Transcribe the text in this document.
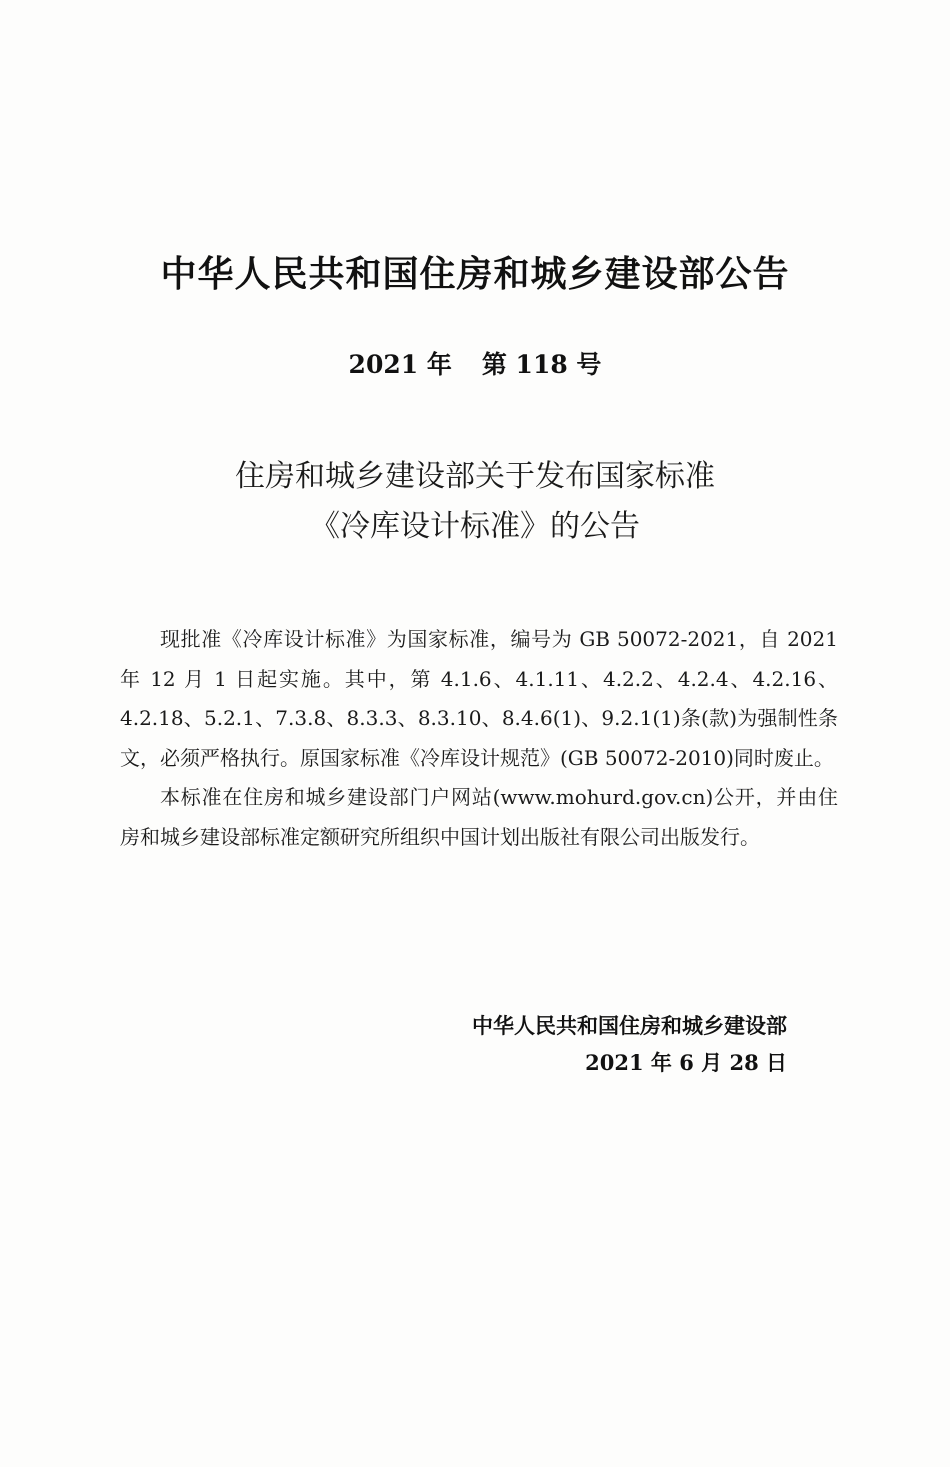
中华人民共和国住房和城乡建设部公告
2021 年 第 118 号
住房和城乡建设部关于发布国家标准
《冷库设计标准》的公告

现批准《冷库设计标准》为国家标准，编号为 GB 50072-2021，自 2021 年 12 月 1 日起实施。其中，第 4.1.6、4.1.11、4.2.2、4.2.4、4.2.16、4.2.18、5.2.1、7.3.8、8.3.3、8.3.10、8.4.6(1)、9.2.1(1)条(款)为强制性条文，必须严格执行。原国家标准《冷库设计规范》(GB 50072-2010)同时废止。

本标准在住房和城乡建设部门户网站(www.mohurd.gov.cn)公开，并由住房和城乡建设部标准定额研究所组织中国计划出版社有限公司出版发行。

中华人民共和国住房和城乡建设部
2021 年 6 月 28 日
